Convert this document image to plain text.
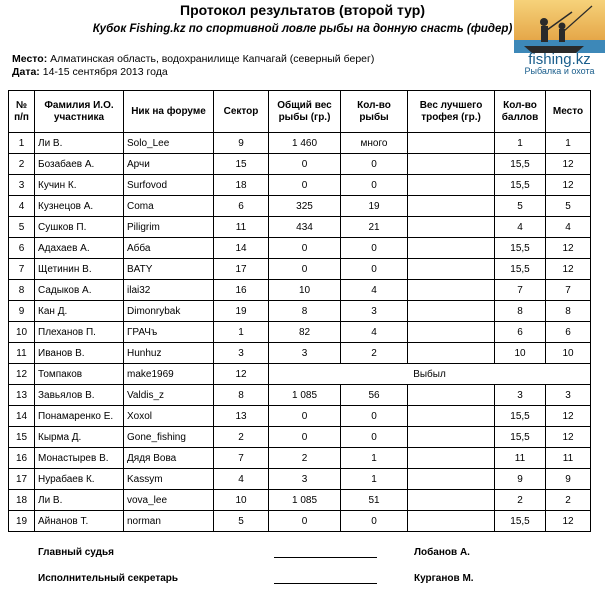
Протокол результатов (второй тур)
Кубок Fishing.kz по спортивной ловле рыбы на донную снасть (фидер)
fishing.kz
Рыбалка и охота
Место: Алматинская область, водохранилище Капчагай (северный берег)
Дата: 14-15 сентября 2013 года
№ п/п	Фамилия И.О. участника	Ник на форуме	Сектор	Общий вес рыбы (гр.)	Кол-во рыбы	Вес лучшего трофея (гр.)	Кол-во баллов	Место
1	Ли В.	Solo_Lee	9	1 460	много		1	1
2	Бозабаев А.	Арчи	15	0	0		15,5	12
3	Кучин К.	Surfovod	18	0	0		15,5	12
4	Кузнецов А.	Coma	6	325	19		5	5
5	Сушков П.	Piligrim	11	434	21		4	4
6	Адахаев А.	Абба	14	0	0		15,5	12
7	Щетинин В.	BATY	17	0	0		15,5	12
8	Садыков А.	ilai32	16	10	4		7	7
9	Кан Д.	Dimonrybak	19	8	3		8	8
10	Плеханов П.	ГРАЧъ	1	82	4		6	6
11	Иванов В.	Hunhuz	3	3	2		10	10
12	Томпаков	make1969	12	Выбыл				
13	Завьялов В.	Valdis_z	8	1 085	56		3	3
14	Понамаренко Е.	Xoxol	13	0	0		15,5	12
15	Кырма Д.	Gone_fishing	2	0	0		15,5	12
16	Монастырев В.	Дядя Вова	7	2	1		11	11
17	Нурабаев К.	Kassym	4	3	1		9	9
18	Ли В.	vova_lee	10	1 085	51		2	2
19	Айнанов Т.	norman	5	0	0		15,5	12
Главный судья	Лобанов А.
Исполнительный секретарь	Курганов М.
